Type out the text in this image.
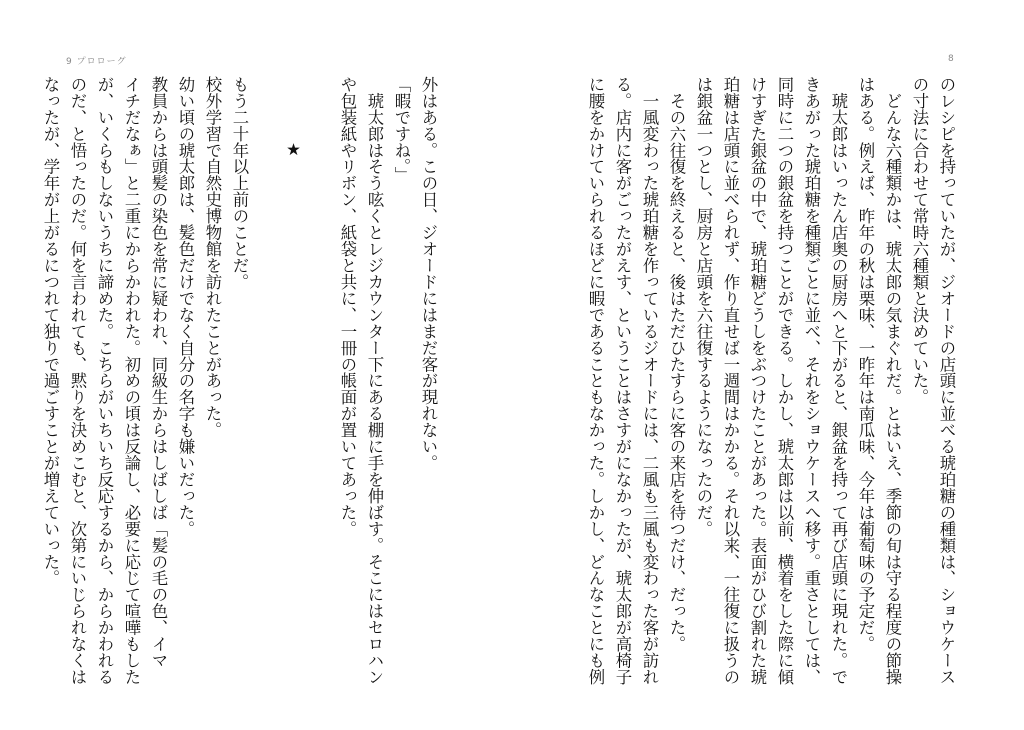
9 プロローグ	8
のレシピを持っていたが、ジオードの店頭に並べる琥珀糖の種類は、ショウケース
の寸法に合わせて常時六種類と決めていた。
　どんな六種類かは、琥太郎の気まぐれだ。とはいえ、季節の旬は守る程度の節操
はある。例えば、昨年の秋は栗味、一昨年は南瓜味、今年は葡萄味の予定だ。
　琥太郎はいったん店奥の厨房へと下がると、銀盆を持って再び店頭に現れた。で
きあがった琥珀糖を種類ごとに並べ、それをショウケースへ移す。重さとしては、
同時に二つの銀盆を持つことができる。しかし、琥太郎は以前、横着をした際に傾
けすぎた銀盆の中で、琥珀糖どうしをぶつけたことがあった。表面がひび割れた琥
珀糖は店頭に並べられず、作り直せば一週間はかかる。それ以来、一往復に扱うの
は銀盆一つとし、厨房と店頭を六往復するようになったのだ。
　その六往復を終えると、後はただひたすらに客の来店を待つだけ、だった。
　一風変わった琥珀糖を作っているジオードには、二風も三風も変わった客が訪れ
る。店内に客がごったがえす、ということはさすがになかったが、琥太郎が高椅子
に腰をかけていられるほどに暇であることもなかった。しかし、どんなことにも例
外はある。この日、ジオードにはまだ客が現れない。
「暇ですね。」
　琥太郎はそう呟くとレジカウンター下にある棚に手を伸ばす。そこにはセロハン
や包装紙やリボン、紙袋と共に、一冊の帳面が置いてあった。

★

もう二十年以上前のことだ。
校外学習で自然史博物館を訪れたことがあった。
幼い頃の琥太郎は、髪色だけでなく自分の名字も嫌いだった。
教員からは頭髪の染色を常に疑われ、同級生からはしばしば「髪の毛の色、イマ
イチだなぁ」と二重にからかわれた。初めの頃は反論し、必要に応じて喧嘩もした
が、いくらもしないうちに諦めた。こちらがいちいち反応するから、からかわれる
のだ、と悟ったのだ。何を言われても、黙りを決めこむと、次第にいじられなくは
なったが、学年が上がるにつれて独りで過ごすことが増えていった。
